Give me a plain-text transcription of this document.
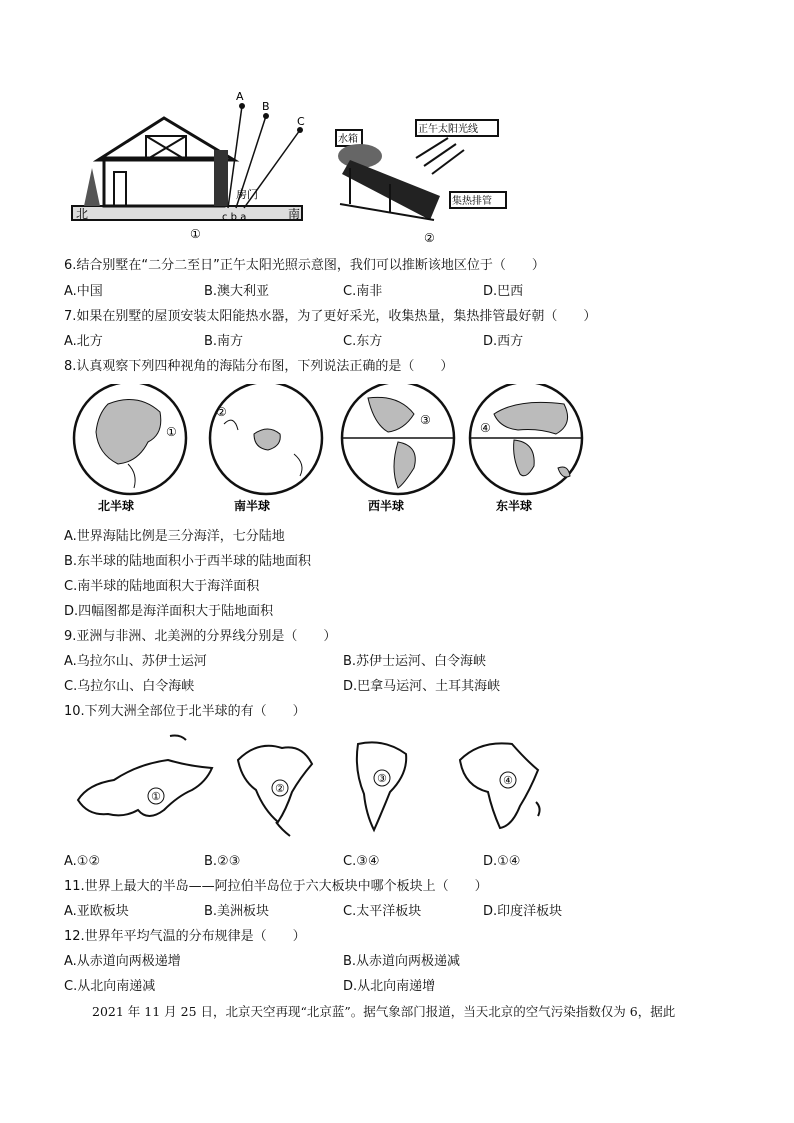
A
B
C
北	南
房门
c b a
①
水箱
正午太阳光线
集热排管
②
6.结合别墅在“二分二至日”正午太阳光照示意图，我们可以推断该地区位于（　　）
A.中国	B.澳大利亚	C.南非	D.巴西
7.如果在别墅的屋顶安装太阳能热水器，为了更好采光，收集热量，集热排管最好朝（　　）
A.北方	B.南方	C.东方	D.西方
8.认真观察下列四种视角的海陆分布图，下列说法正确的是（　　）
①
北半球
②
南半球
③
西半球
④
东半球
A.世界海陆比例是三分海洋，七分陆地
B.东半球的陆地面积小于西半球的陆地面积
C.南半球的陆地面积大于海洋面积
D.四幅图都是海洋面积大于陆地面积
9.亚洲与非洲、北美洲的分界线分别是（　　）
A.乌拉尔山、苏伊士运河	B.苏伊士运河、白令海峡
C.乌拉尔山、白令海峡	D.巴拿马运河、土耳其海峡
10.下列大洲全部位于北半球的有（　　）
①
②
③	④
A.①②	B.②③	C.③④	D.①④
11.世界上最大的半岛——阿拉伯半岛位于六大板块中哪个板块上（　　）
A.亚欧板块	B.美洲板块	C.太平洋板块	D.印度洋板块
12.世界年平均气温的分布规律是（　　）
A.从赤道向两极递增	B.从赤道向两极递减
C.从北向南递减	D.从北向南递增
2021 年 11 月 25 日，北京天空再现“北京蓝”。据气象部门报道，当天北京的空气污染指数仅为 6，据此
